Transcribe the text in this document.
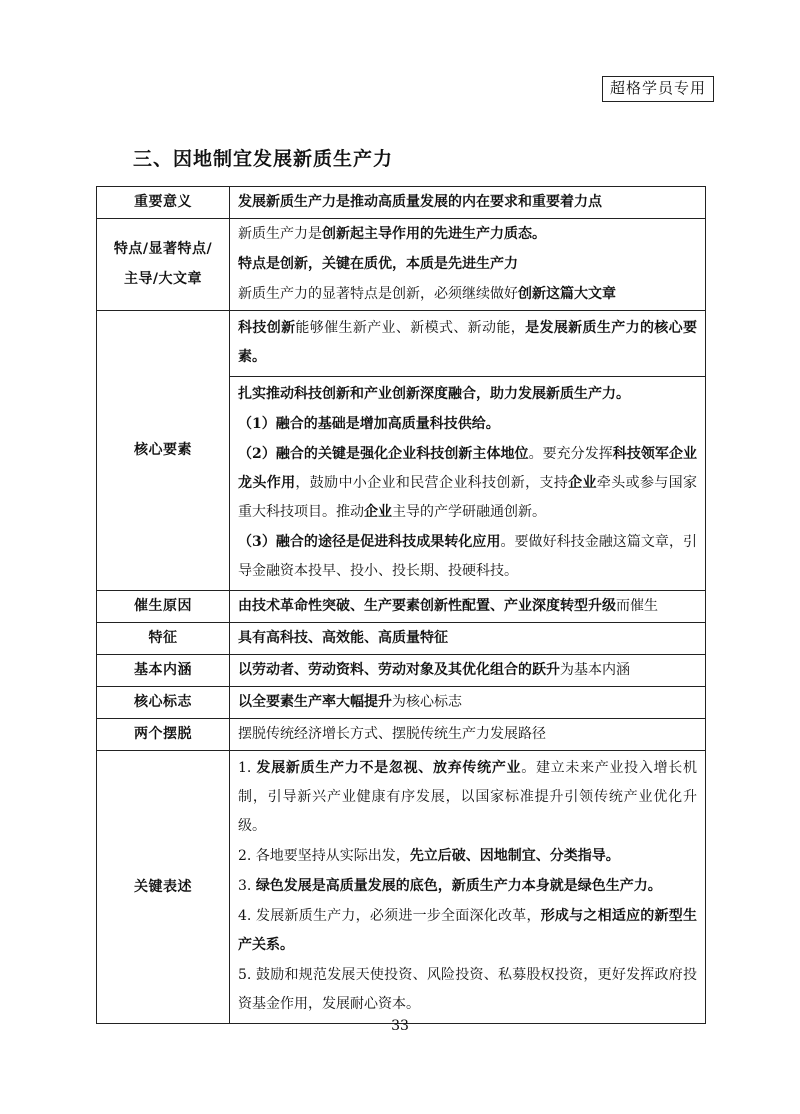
超格学员专用
三、因地制宜发展新质生产力
重要意义	发展新质生产力是推动高质量发展的内在要求和重要着力点

特点/显著特点/
主导/大文章	新质生产力是创新起主导作用的先进生产力质态。
特点是创新，关键在质优，本质是先进生产力
新质生产力的显著特点是创新，必须继续做好创新这篇大文章

核心要素	科技创新能够催生新产业、新模式、新动能，是发展新质生产力的核心要素。
扎实推动科技创新和产业创新深度融合，助力发展新质生产力。
（1）融合的基础是增加高质量科技供给。
（2）融合的关键是强化企业科技创新主体地位。要充分发挥科技领军企业龙头作用，鼓励中小企业和民营企业科技创新，支持企业牵头或参与国家重大科技项目。推动企业主导的产学研融通创新。
（3）融合的途径是促进科技成果转化应用。要做好科技金融这篇文章，引导金融资本投早、投小、投长期、投硬科技。

催生原因	由技术革命性突破、生产要素创新性配置、产业深度转型升级而催生
特征	具有高科技、高效能、高质量特征
基本内涵	以劳动者、劳动资料、劳动对象及其优化组合的跃升为基本内涵
核心标志	以全要素生产率大幅提升为核心标志
两个摆脱	摆脱传统经济增长方式、摆脱传统生产力发展路径
关键表述	1. 发展新质生产力不是忽视、放弃传统产业。建立未来产业投入增长机制，引导新兴产业健康有序发展，以国家标准提升引领传统产业优化升级。
2. 各地要坚持从实际出发，先立后破、因地制宜、分类指导。
3. 绿色发展是高质量发展的底色，新质生产力本身就是绿色生产力。
4. 发展新质生产力，必须进一步全面深化改革，形成与之相适应的新型生产关系。
5. 鼓励和规范发展天使投资、风险投资、私募股权投资，更好发挥政府投资基金作用，发展耐心资本。
33
